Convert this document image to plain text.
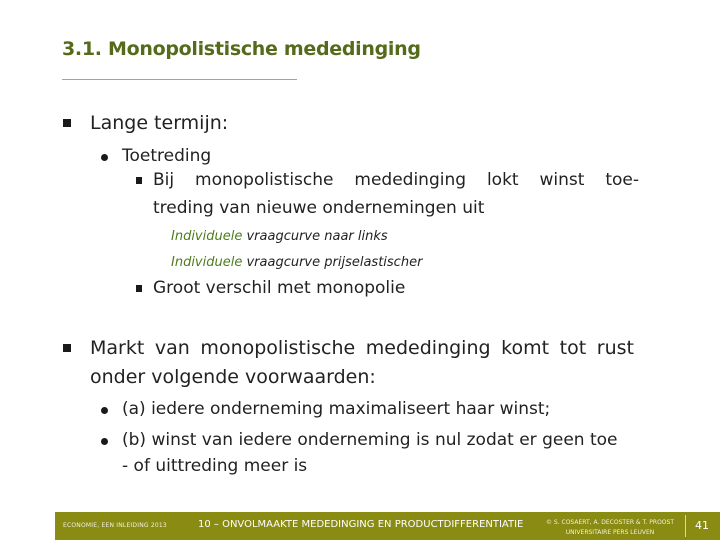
3.1. Monopolistische mededinging
Lange termijn:
Toetreding
Bij monopolistische mededinging lokt winst toe-
treding van nieuwe ondernemingen uit
Individuele vraagcurve naar links
Individuele vraagcurve prijselastischer
Groot verschil met monopolie
Markt van monopolistische mededinging komt tot rust
onder volgende voorwaarden:
(a) iedere onderneming maximaliseert haar winst;
(b) winst van iedere onderneming is nul zodat er geen toe
- of uittreding meer is
ECONOMIE, EEN INLEIDING 2013	10 – ONVOLMAAKTE MEDEDINGING EN PRODUCTDIFFERENTIATIE	© S. COSAERT, A. DECOSTER & T. PROOST
UNIVERSITAIRE PERS LEUVEN
41
